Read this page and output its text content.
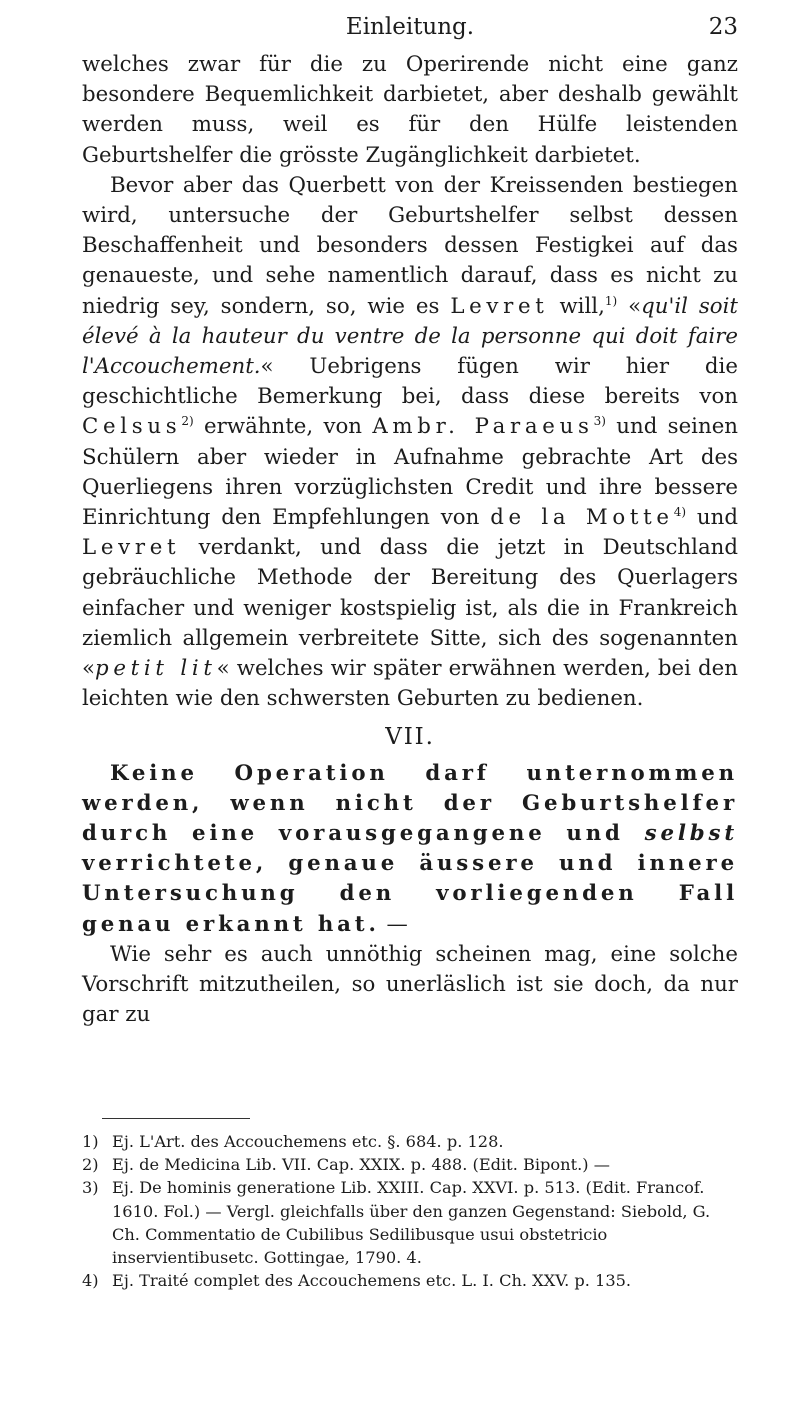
Einleitung.	23

welches zwar für die zu Operirende nicht eine ganz besondere Bequemlichkeit darbietet, aber deshalb gewählt werden muss, weil es für den Hülfe leistenden Geburtshelfer die grösste Zugänglichkeit darbietet.

Bevor aber das Querbett von der Kreissenden bestiegen wird, untersuche der Geburtshelfer selbst dessen Beschaffenheit und besonders dessen Festigkei auf das genaueste, und sehe namentlich darauf, dass es nicht zu niedrig sey, sondern, so, wie es Levret will,$^{1)}$ «qu'il soit élevé à la hauteur du ventre de la personne qui doit faire l'Accouchement.« Uebrigens fügen wir hier die geschichtliche Bemerkung bei, dass diese bereits von Celsus$^{2)}$ erwähnte, von Ambr. Paraeus$^{3)}$ und seinen Schülern aber wieder in Aufnahme gebrachte Art des Querliegens ihren vorzüglichsten Credit und ihre bessere Einrichtung den Empfehlungen von de la Motte$^{4)}$ und Levret verdankt, und dass die jetzt in Deutschland gebräuchliche Methode der Bereitung des Querlagers einfacher und weniger kostspielig ist, als die in Frankreich ziemlich allgemein verbreitete Sitte, sich des sogenannten «petit lit« welches wir später erwähnen werden, bei den leichten wie den schwersten Geburten zu bedienen.

VII.

Keine Operation darf unternommen werden, wenn nicht der Geburtshelfer durch eine vorausgegangene und selbst verrichtete, genaue äussere und innere Untersuchung den vorliegenden Fall genau erkannt hat. —

Wie sehr es auch unnöthig scheinen mag, eine solche Vorschrift mitzutheilen, so unerläslich ist sie doch, da nur gar zu

1) Ej. L'Art. des Accouchemens etc. §. 684. p. 128.

2) Ej. de Medicina Lib. VII. Cap. XXIX. p. 488. (Edit. Bipont.) —

3) Ej. De hominis generatione Lib. XXIII. Cap. XXVI. p. 513. (Edit. Francof. 1610. Fol.) — Vergl. gleichfalls über den ganzen Gegenstand: Siebold, G. Ch. Commentatio de Cubilibus Sedilibusque usui obstetricio inservientibusetc. Gottingae, 1790. 4.

4) Ej. Traité complet des Accouchemens etc. L. I. Ch. XXV. p. 135.
